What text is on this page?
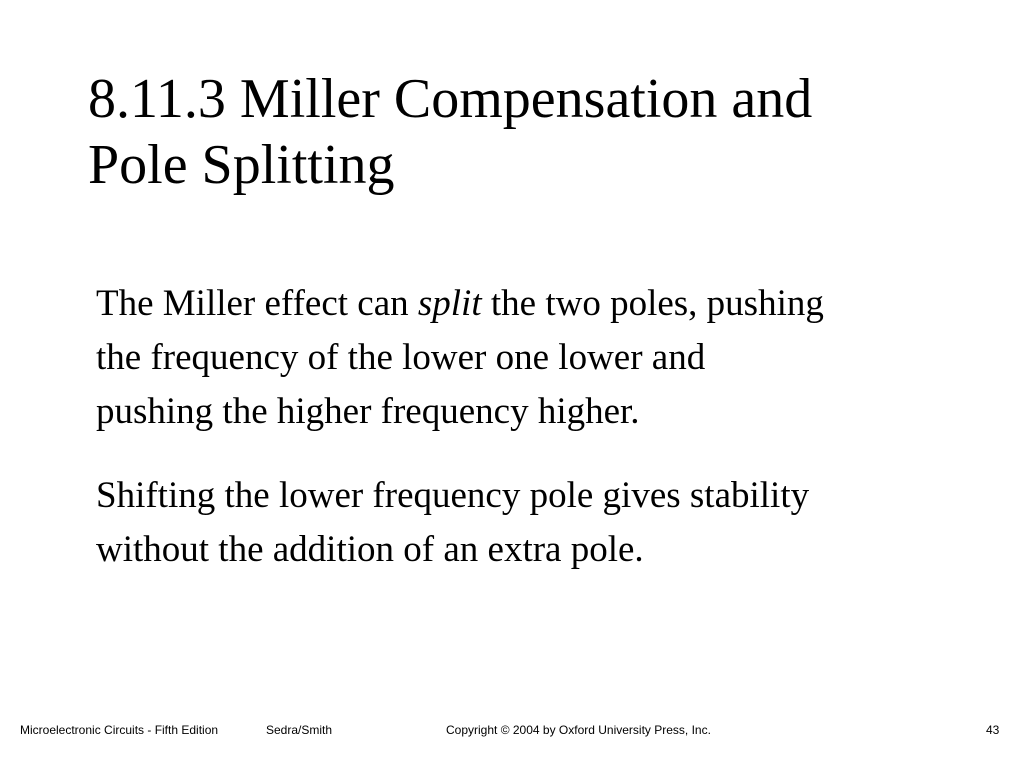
8.11.3 Miller Compensation and
Pole Splitting

The Miller effect can split the two poles, pushing

the frequency of the lower one lower and

pushing the higher frequency higher.

Shifting the lower frequency pole gives stability

without the addition of an extra pole.

Microelectronic Circuits - Fifth Edition	Sedra/Smith	Copyright © 2004 by Oxford University Press, Inc.	43
